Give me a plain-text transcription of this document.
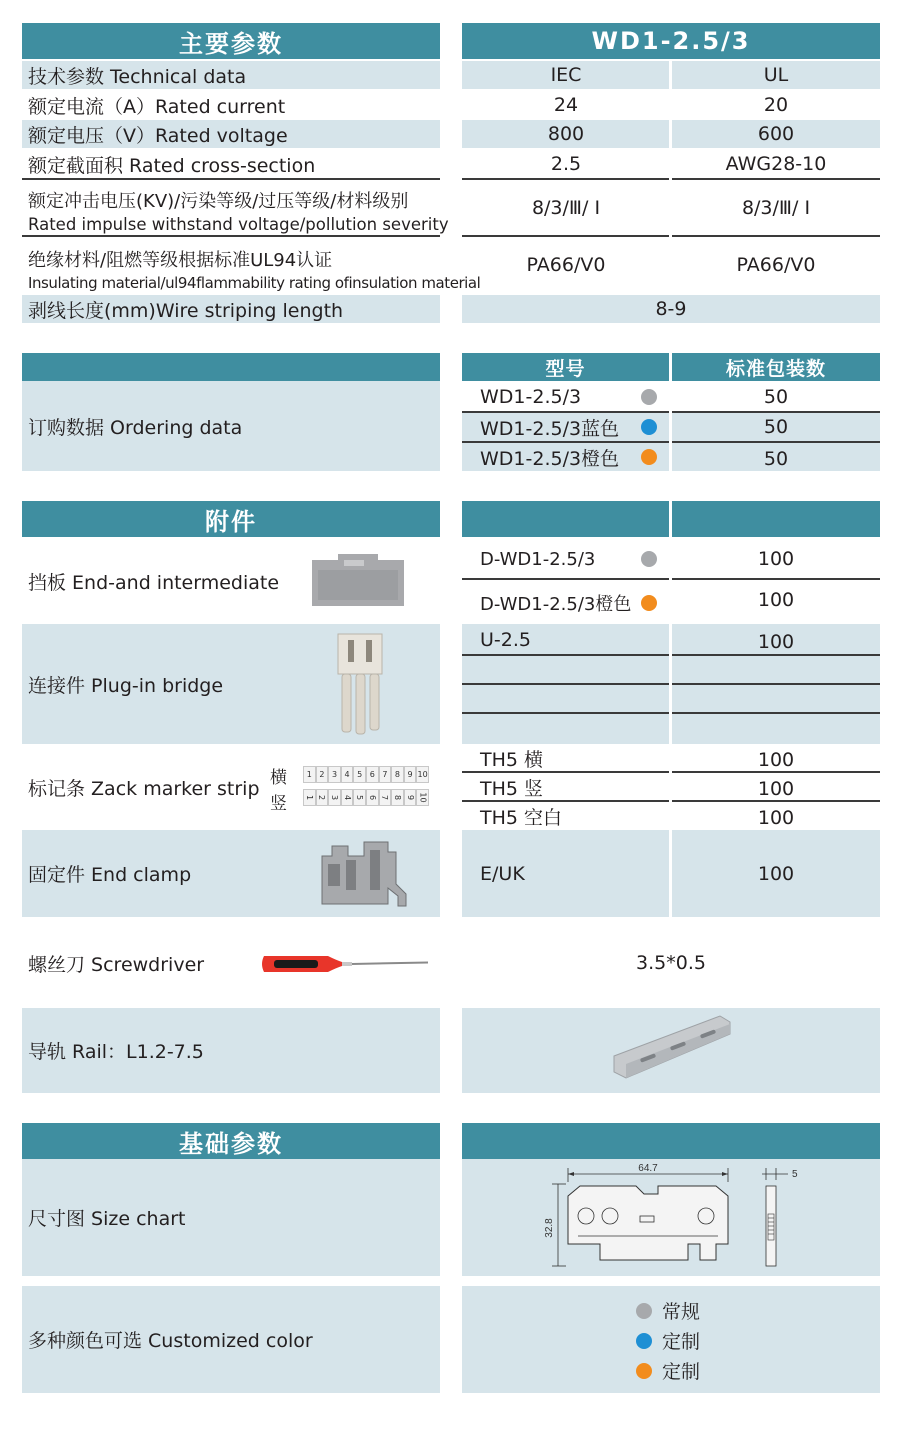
主要参数	WD1-2.5/3
技术参数 Technical data	IEC	UL
额定电流（A）Rated current	24	20
额定电压（V）Rated voltage	800	600
额定截面积 Rated cross-section	2.5	AWG28-10
额定冲击电压(KV)/污染等级/过压等级/材料级别
Rated impulse withstand voltage/pollution severity
8/3/Ⅲ/ Ⅰ	8/3/Ⅲ/ Ⅰ
绝缘材料/阻燃等级根据标准UL94认证
Insulating material/ul94flammability rating ofinsulation material
PA66/V0	PA66/V0
剥线长度(mm)Wire striping length	8-9
订购数据 Ordering data
型号	标准包装数
WD1-2.5/3	50
WD1-2.5/3蓝色	50
WD1-2.5/3橙色	50
附件
挡板 End-and intermediate
D-WD1-2.5/3	100
D-WD1-2.5/3橙色	100
连接件 Plug-in bridge
U-2.5	100
标记条 Zack marker strip 横
竖
1 2 3 4 5 6 7 8 9 10
1 2 3 4 5 6 7 8 9 10
TH5 横	100
TH5 竖	100
TH5 空白	100
固定件 End clamp	E/UK	100
螺丝刀 Screwdriver	3.5*0.5
导轨 Rail：L1.2-7.5
基础参数
尺寸图 Size chart
64.7
32.8
5
多种颜色可选 Customized color
常规
定制
定制
